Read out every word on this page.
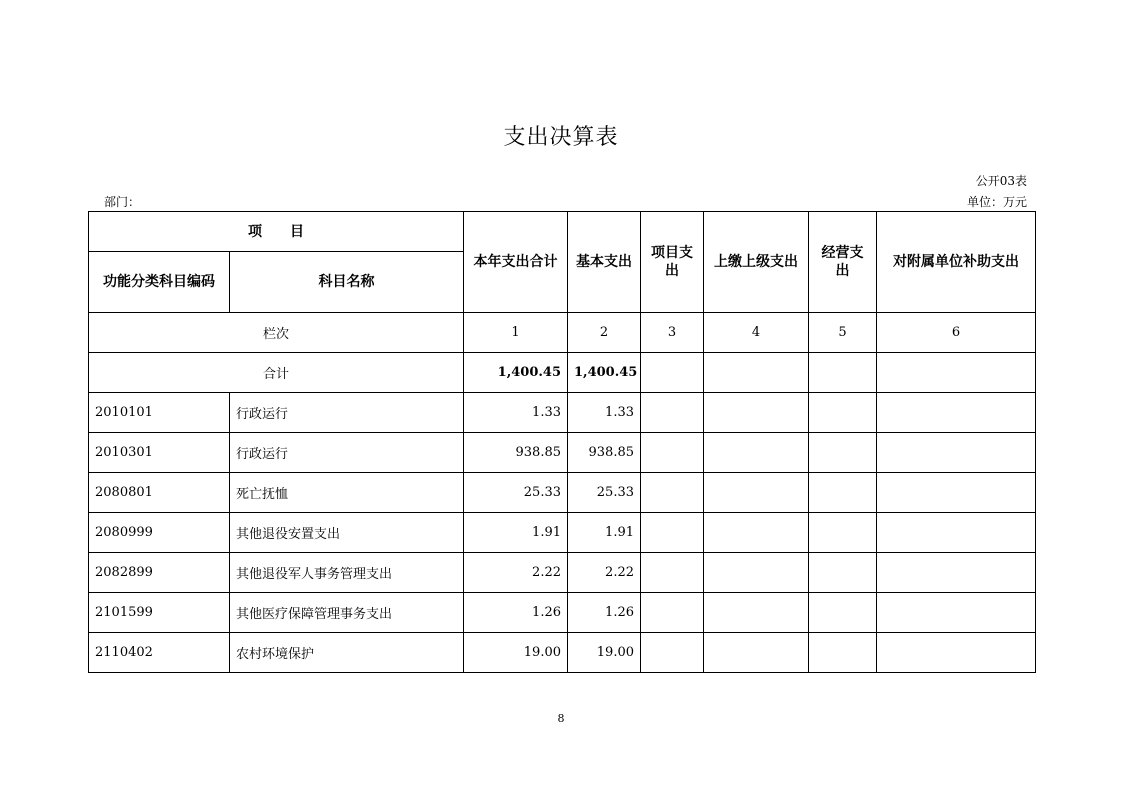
支出决算表
公开03表
部门：	单位：万元
项　　目		本年支出合计	基本支出	项目支出	上缴上级支出	经营支出	对附属单位补助支出
功能分类科目编码	科目名称						
栏次		1	2	3	4	5	6
合计		1,400.45	1,400.45				
2010101	行政运行	1.33	1.33				
2010301	行政运行	938.85	938.85				
2080801	死亡抚恤	25.33	25.33				
2080999	其他退役安置支出	1.91	1.91				
2082899	其他退役军人事务管理支出	2.22	2.22				
2101599	其他医疗保障管理事务支出	1.26	1.26				
2110402	农村环境保护	19.00	19.00				
8
